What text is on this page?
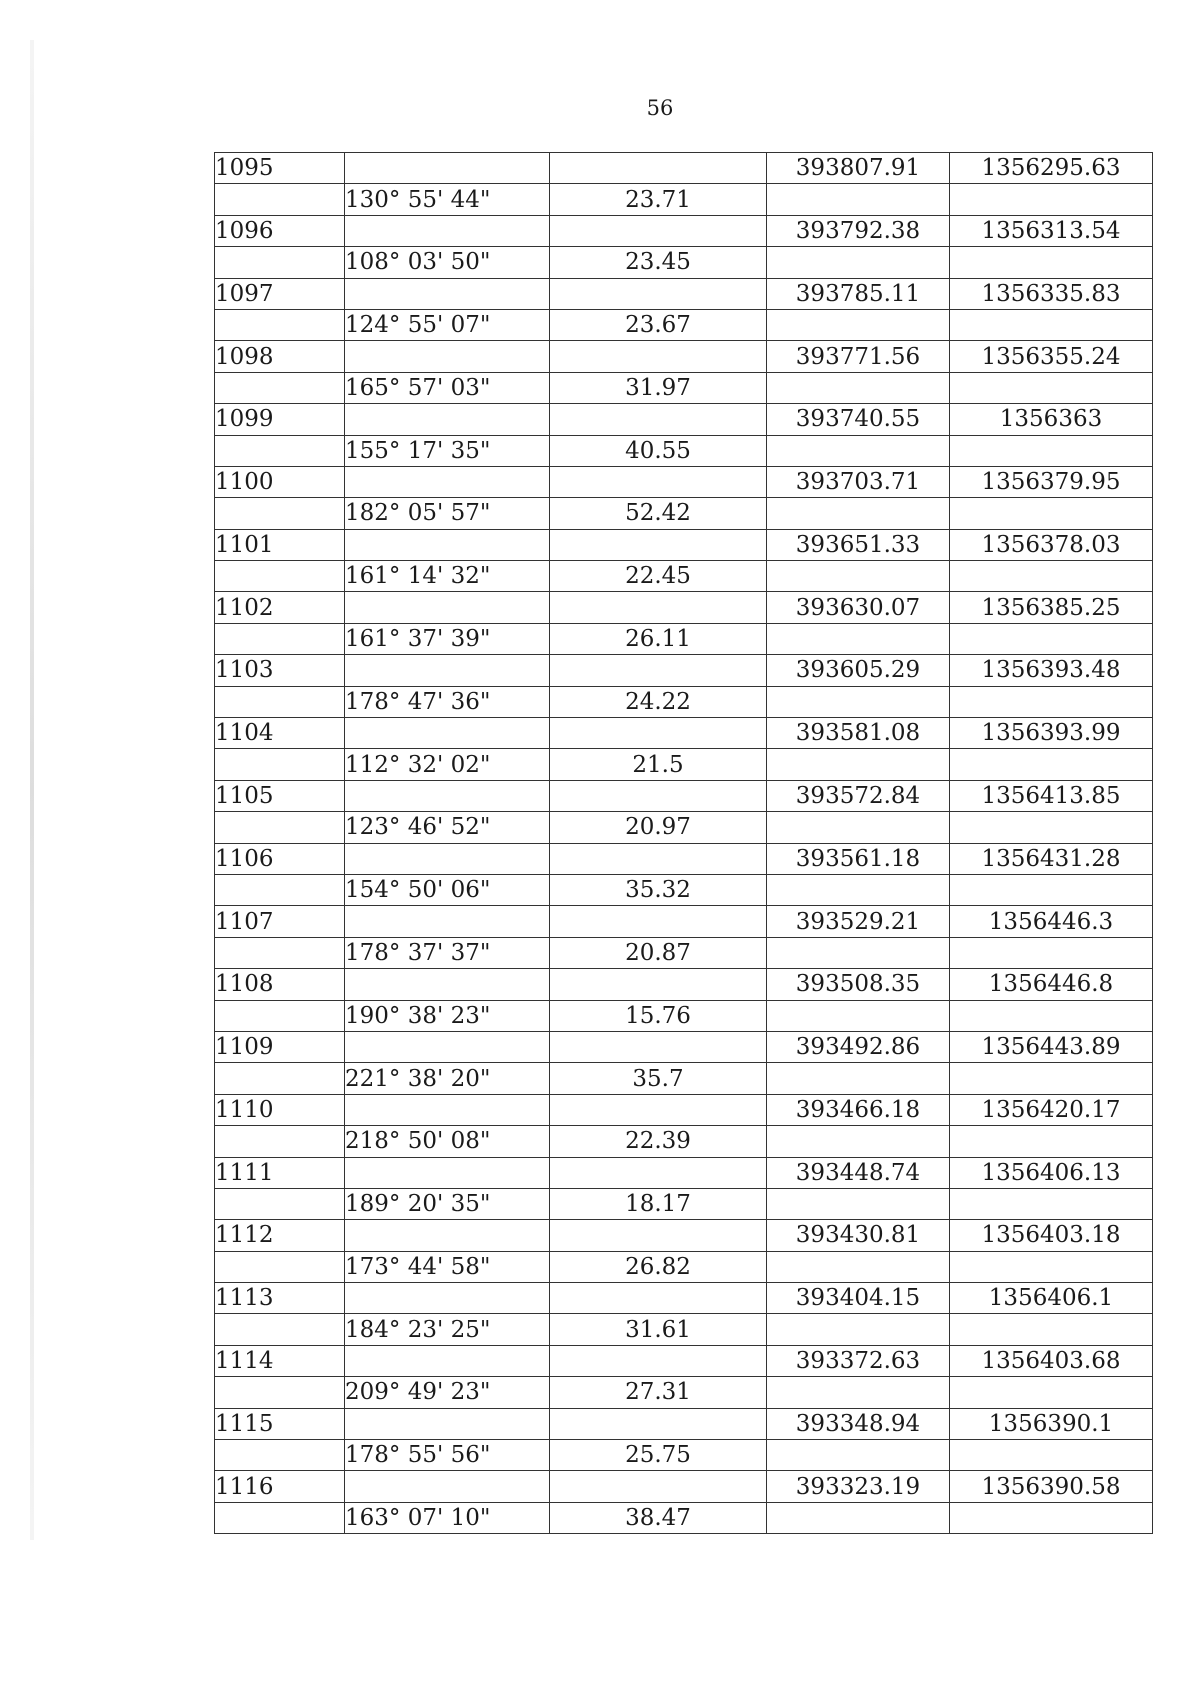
56
1095			393807.91	1356295.63
	130° 55' 44"	23.71		
1096			393792.38	1356313.54
	108° 03' 50"	23.45		
1097			393785.11	1356335.83
	124° 55' 07"	23.67		
1098			393771.56	1356355.24
	165° 57' 03"	31.97		
1099			393740.55	1356363
	155° 17' 35"	40.55		
1100			393703.71	1356379.95
	182° 05' 57"	52.42		
1101			393651.33	1356378.03
	161° 14' 32"	22.45		
1102			393630.07	1356385.25
	161° 37' 39"	26.11		
1103			393605.29	1356393.48
	178° 47' 36"	24.22		
1104			393581.08	1356393.99
	112° 32' 02"	21.5		
1105			393572.84	1356413.85
	123° 46' 52"	20.97		
1106			393561.18	1356431.28
	154° 50' 06"	35.32		
1107			393529.21	1356446.3
	178° 37' 37"	20.87		
1108			393508.35	1356446.8
	190° 38' 23"	15.76		
1109			393492.86	1356443.89
	221° 38' 20"	35.7		
1110			393466.18	1356420.17
	218° 50' 08"	22.39		
1111			393448.74	1356406.13
	189° 20' 35"	18.17		
1112			393430.81	1356403.18
	173° 44' 58"	26.82		
1113			393404.15	1356406.1
	184° 23' 25"	31.61		
1114			393372.63	1356403.68
	209° 49' 23"	27.31		
1115			393348.94	1356390.1
	178° 55' 56"	25.75		
1116			393323.19	1356390.58
	163° 07' 10"	38.47		
